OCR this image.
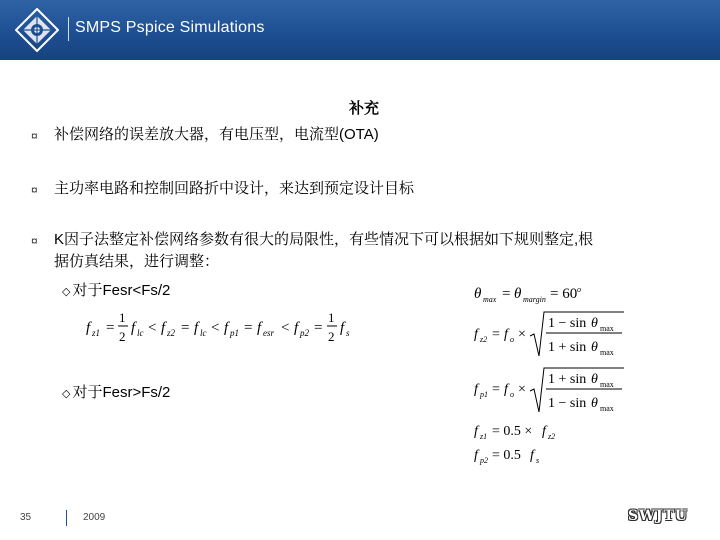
SMPS Pspice Simulations
补充
¤ 补偿网络的误差放大器，有电压型，电流型(OTA)
¤ 主功率电路和控制回路折中设计，来达到预定设计目标
¤ K因子法整定补偿网络参数有很大的局限性，有些情况下可以根据如下规则整定,根
据仿真结果，进行调整：
◇ 对于Fesr<Fs/2
◇ 对于Fesr>Fs/2
f z1 =
1
2
f lc < f z2 = f lc < f p1 = f esr < f p2 =
1
2
f s
θ max = θ margin = 60 o
f z2 = f o ×
1 − sin θ max
1 + sin θ max
f p1 = f o ×
1 + sin θ max
1 − sin θ max
f z1 = 0.5 × f z2
f p2 = 0.5 f s
35	2009	SWJTU
